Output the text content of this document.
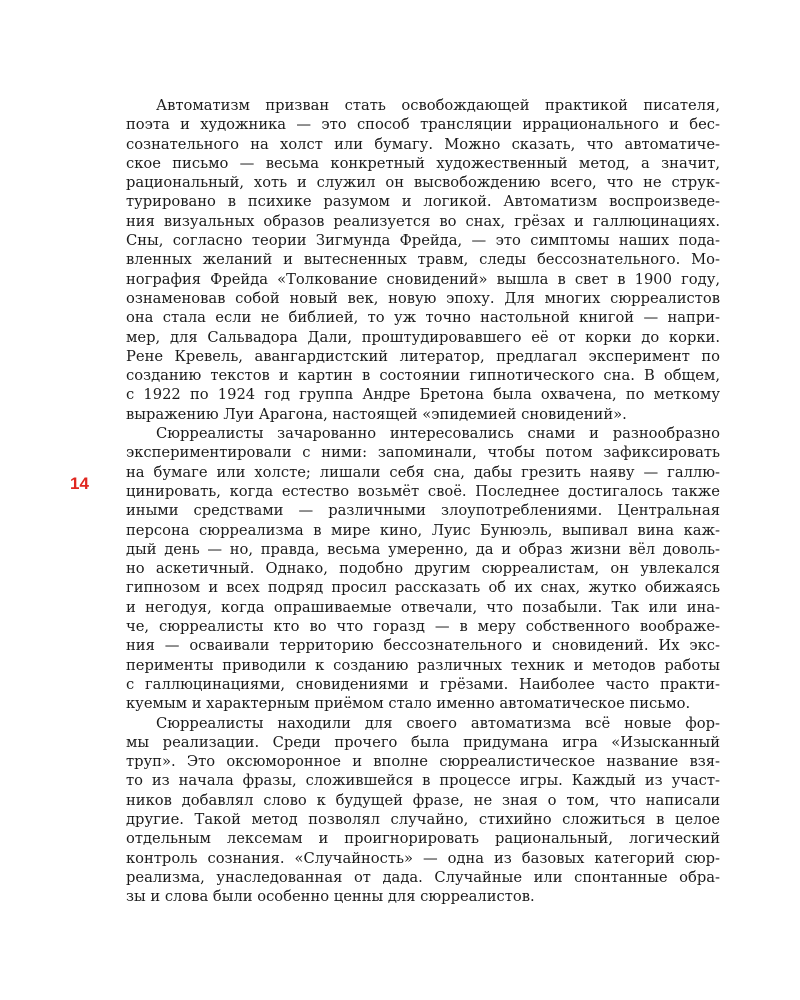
14

Автоматизм призван стать освобождающей практикой писателя,
поэта и художника — это способ трансляции иррационального и бес-
сознательного на холст или бумагу. Можно сказать, что автоматиче-
ское письмо — весьма конкретный художественный метод, а значит,
рациональный, хоть и служил он высвобождению всего, что не струк-
турировано в психике разумом и логикой. Автоматизм воспроизведе-
ния визуальных образов реализуется во снах, грёзах и галлюцинациях.
Сны, согласно теории Зигмунда Фрейда, — это симптомы наших пода-
вленных желаний и вытесненных травм, следы бессознательного. Мо-
нография Фрейда «Толкование сновидений» вышла в свет в 1900 году,
ознаменовав собой новый век, новую эпоху. Для многих сюрреалистов
она стала если не библией, то уж точно настольной книгой — напри-
мер, для Сальвадора Дали, проштудировавшего её от корки до корки.
Рене Кревель, авангардистский литератор, предлагал эксперимент по
созданию текстов и картин в состоянии гипнотического сна. В общем,
с 1922 по 1924 год группа Андре Бретона была охвачена, по меткому
выражению Луи Арагона, настоящей «эпидемией сновидений».

Сюрреалисты зачарованно интересовались снами и разнообразно
экспериментировали с ними: запоминали, чтобы потом зафиксировать
на бумаге или холсте; лишали себя сна, дабы грезить наяву — галлю-
цинировать, когда естество возьмёт своё. Последнее достигалось также
иными средствами — различными злоупотреблениями. Центральная
персона сюрреализма в мире кино, Луис Бунюэль, выпивал вина каж-
дый день — но, правда, весьма умеренно, да и образ жизни вёл доволь-
но аскетичный. Однако, подобно другим сюрреалистам, он увлекался
гипнозом и всех подряд просил рассказать об их снах, жутко обижаясь
и негодуя, когда опрашиваемые отвечали, что позабыли. Так или ина-
че, сюрреалисты кто во что горазд — в меру собственного воображе-
ния — осваивали территорию бессознательного и сновидений. Их экс-
перименты приводили к созданию различных техник и методов работы
с галлюцинациями, сновидениями и грёзами. Наиболее часто практи-
куемым и характерным приёмом стало именно автоматическое письмо.

Сюрреалисты находили для своего автоматизма всё новые фор-
мы реализации. Среди прочего была придумана игра «Изысканный
труп». Это оксюморонное и вполне сюрреалистическое название взя-
то из начала фразы, сложившейся в процессе игры. Каждый из участ-
ников добавлял слово к будущей фразе, не зная о том, что написали
другие. Такой метод позволял случайно, стихийно сложиться в целое
отдельным лексемам и проигнорировать рациональный, логический
контроль сознания. «Случайность» — одна из базовых категорий сюр-
реализма, унаследованная от дада. Случайные или спонтанные обра-
зы и слова были особенно ценны для сюрреалистов.
